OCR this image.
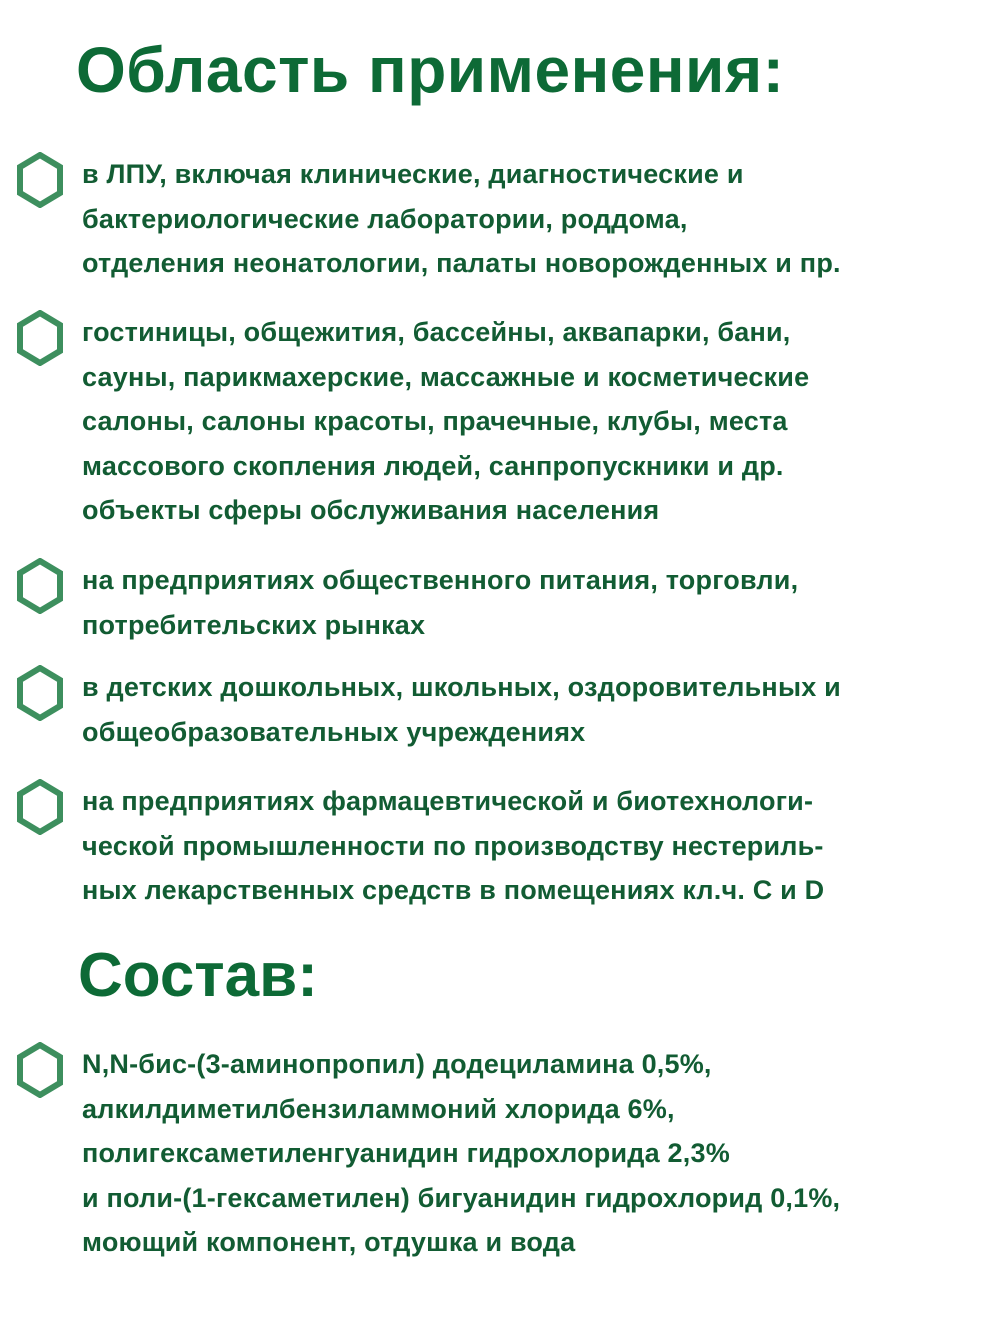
Область применения:

в ЛПУ, включая клинические, диагностические и
бактериологические лаборатории, роддома,
отделения неонатологии, палаты новорожденных и пр.

гостиницы, общежития, бассейны, аквапарки, бани,
сауны, парикмахерские, массажные и косметические
салоны, салоны красоты, прачечные, клубы, места
массового скопления людей, санпропускники и др.
объекты сферы обслуживания населения

на предприятиях общественного питания, торговли,
потребительских рынках

в детских дошкольных, школьных, оздоровительных и
общеобразовательных учреждениях

на предприятиях фармацевтической и биотехнологи-
ческой промышленности по производству нестериль-
ных лекарственных средств в помещениях кл.ч. С и D

Состав:

N,N-бис-(3-аминопропил) додециламина 0,5%,
алкилдиметилбензиламмоний хлорида 6%,
полигексаметиленгуанидин гидрохлорида 2,3%
и поли-(1-гексаметилен) бигуанидин гидрохлорид 0,1%,
моющий компонент, отдушка и вода
